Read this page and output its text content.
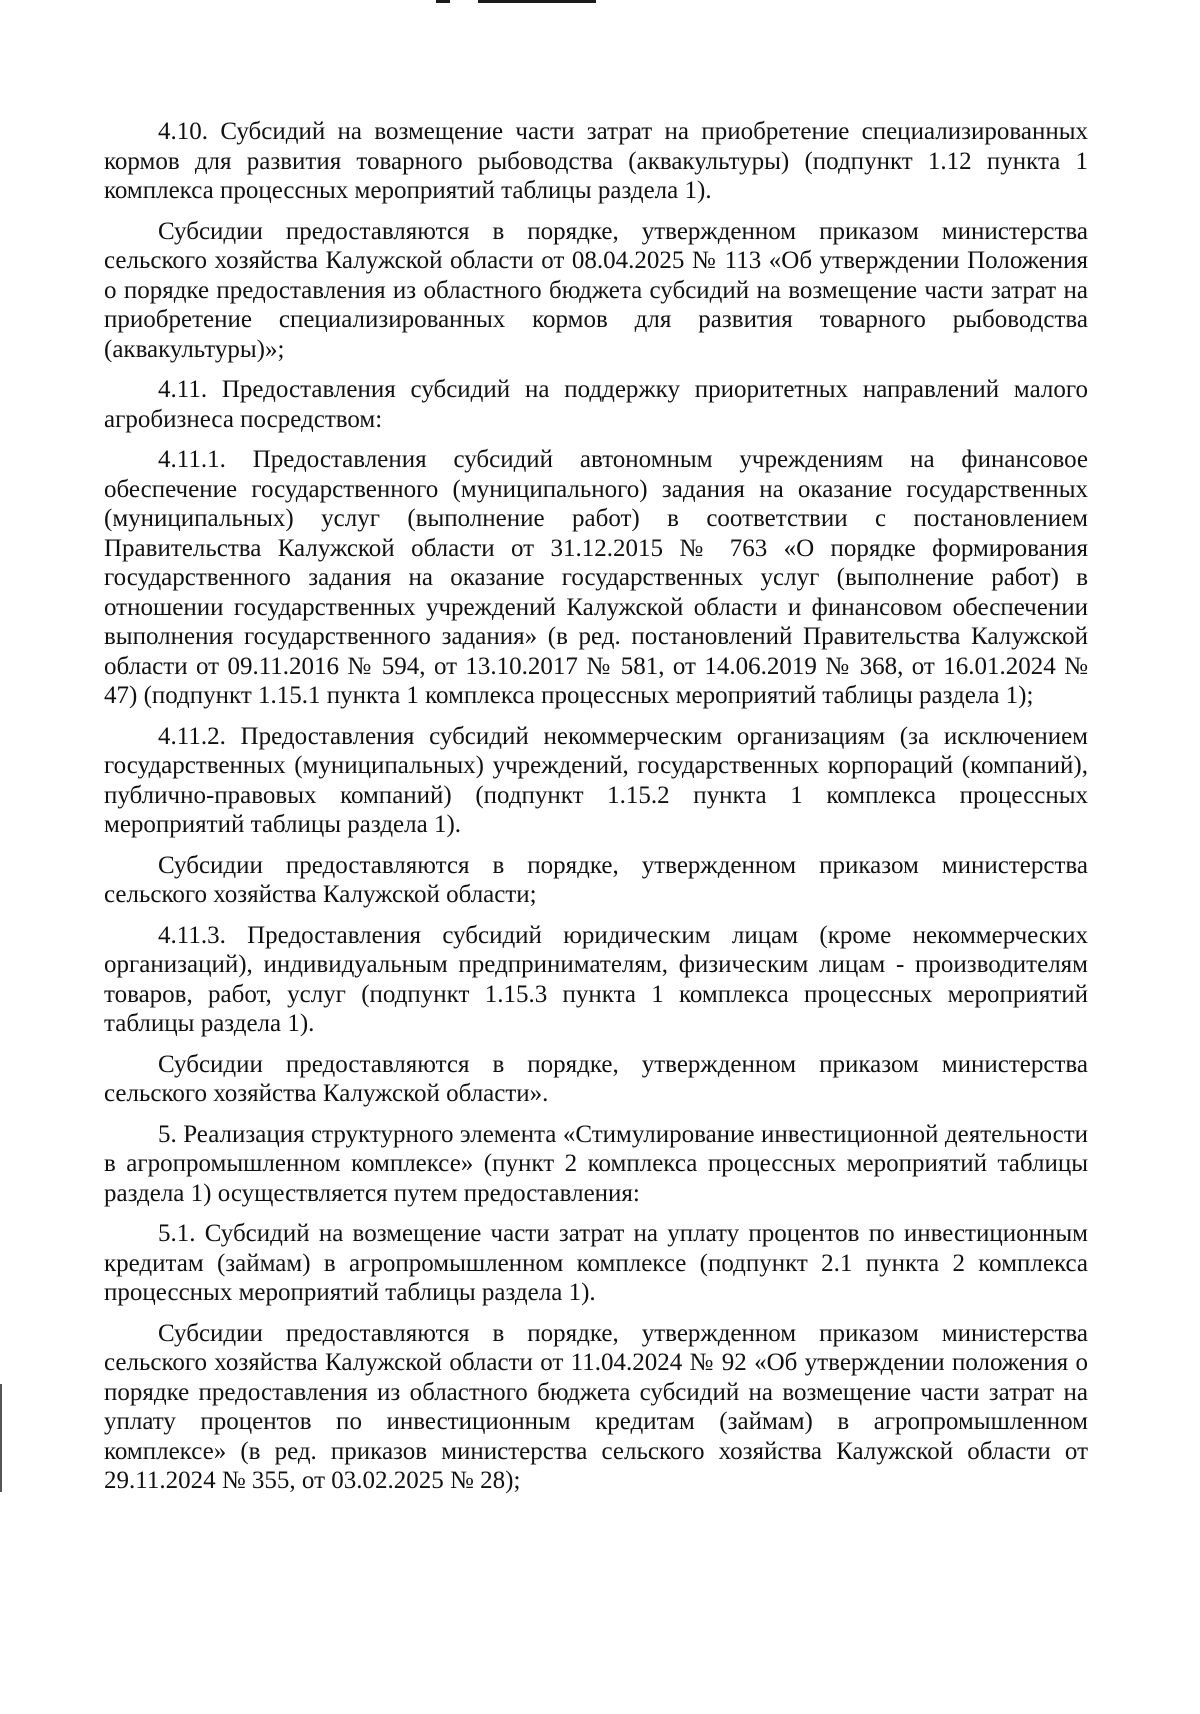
4.10. Субсидий на возмещение части затрат на приобретение специализированных кормов для развития товарного рыбоводства (аквакультуры) (подпункт 1.12 пункта 1 комплекса процессных мероприятий таблицы раздела 1).

Субсидии предоставляются в порядке, утвержденном приказом министерства сельского хозяйства Калужской области от 08.04.2025 № 113 «Об утверждении Положения о порядке предоставления из областного бюджета субсидий на возмещение части затрат на приобретение специализированных кормов для развития товарного рыбоводства (аквакультуры)»;

4.11. Предоставления субсидий на поддержку приоритетных направлений малого агробизнеса посредством:

4.11.1. Предоставления субсидий автономным учреждениям на финансовое обеспечение государственного (муниципального) задания на оказание государственных (муниципальных) услуг (выполнение работ) в соответствии с постановлением Правительства Калужской области от 31.12.2015 № 763 «О порядке формирования государственного задания на оказание государственных услуг (выполнение работ) в отношении государственных учреждений Калужской области и финансовом обеспечении выполнения государственного задания» (в ред. постановлений Правительства Калужской области от 09.11.2016 № 594, от 13.10.2017 № 581, от 14.06.2019 № 368, от 16.01.2024 № 47) (подпункт 1.15.1 пункта 1 комплекса процессных мероприятий таблицы раздела 1);

4.11.2. Предоставления субсидий некоммерческим организациям (за исключением государственных (муниципальных) учреждений, государственных корпораций (компаний), публично-правовых компаний) (подпункт 1.15.2 пункта 1 комплекса процессных мероприятий таблицы раздела 1).

Субсидии предоставляются в порядке, утвержденном приказом министерства сельского хозяйства Калужской области;

4.11.3. Предоставления субсидий юридическим лицам (кроме некоммерческих организаций), индивидуальным предпринимателям, физическим лицам - производителям товаров, работ, услуг (подпункт 1.15.3 пункта 1 комплекса процессных мероприятий таблицы раздела 1).

Субсидии предоставляются в порядке, утвержденном приказом министерства сельского хозяйства Калужской области».

5. Реализация структурного элемента «Стимулирование инвестиционной деятельности в агропромышленном комплексе» (пункт 2 комплекса процессных мероприятий таблицы раздела 1) осуществляется путем предоставления:

5.1. Субсидий на возмещение части затрат на уплату процентов по инвестиционным кредитам (займам) в агропромышленном комплексе (подпункт 2.1 пункта 2 комплекса процессных мероприятий таблицы раздела 1).

Субсидии предоставляются в порядке, утвержденном приказом министерства сельского хозяйства Калужской области от 11.04.2024 № 92 «Об утверждении положения о порядке предоставления из областного бюджета субсидий на возмещение части затрат на уплату процентов по инвестиционным кредитам (займам) в агропромышленном комплексе» (в ред. приказов министерства сельского хозяйства Калужской области от 29.11.2024 № 355, от 03.02.2025 № 28);
